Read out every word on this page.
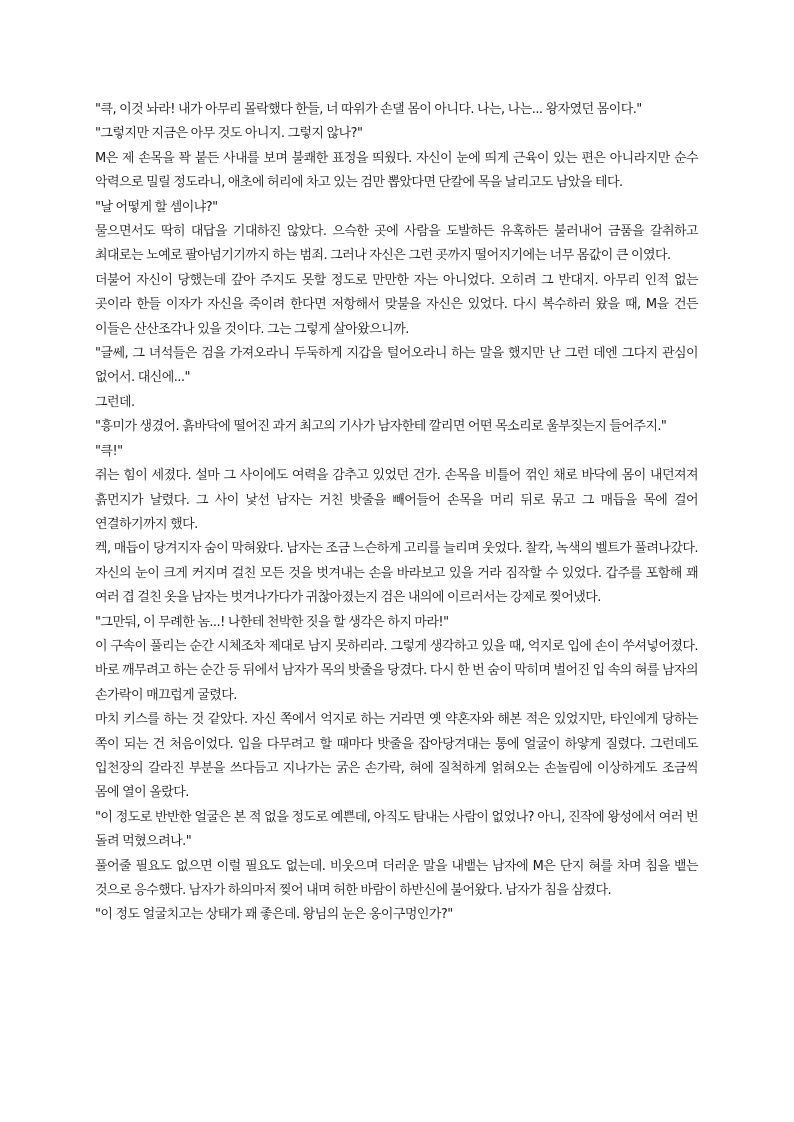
"큭, 이것 놔라! 내가 아무리 몰락했다 한들, 너 따위가 손댈 몸이 아니다. 나는, 나는... 왕자였던 몸이다."

"그렇지만 지금은 아무 것도 아니지. 그렇지 않나?"

M은 제 손목을 꽉 붙든 사내를 보며 불쾌한 표정을 띄웠다. 자신이 눈에 띄게 근육이 있는 편은 아니라지만 순수 악력으로 밀릴 정도라니, 애초에 허리에 차고 있는 검만 뽑았다면 단칼에 목을 날리고도 남았을 테다.

"날 어떻게 할 셈이냐?"

물으면서도 딱히 대답을 기대하진 않았다. 으슥한 곳에 사람을 도발하든 유혹하든 불러내어 금품을 갈취하고 최대로는 노예로 팔아넘기기까지 하는 범죄. 그러나 자신은 그런 곳까지 떨어지기에는 너무 몸값이 큰 이였다.

더불어 자신이 당했는데 갚아 주지도 못할 정도로 만만한 자는 아니었다. 오히려 그 반대지. 아무리 인적 없는 곳이라 한들 이자가 자신을 죽이려 한다면 저항해서 맞불을 자신은 있었다. 다시 복수하러 왔을 때, M을 건든 이들은 산산조각나 있을 것이다. 그는 그렇게 살아왔으니까.

"글쎄, 그 녀석들은 검을 가져오라니 두둑하게 지갑을 털어오라니 하는 말을 했지만 난 그런 데엔 그다지 관심이 없어서. 대신에..."

그런데.

"흥미가 생겼어. 흙바닥에 떨어진 과거 최고의 기사가 남자한테 깔리면 어떤 목소리로 울부짖는지 들어주지."

"큭!"

쥐는 힘이 세졌다. 설마 그 사이에도 여력을 감추고 있었던 건가. 손목을 비틀어 꺾인 채로 바닥에 몸이 내던져져 흙먼지가 날렸다. 그 사이 낯선 남자는 거친 밧줄을 빼어들어 손목을 머리 뒤로 묶고 그 매듭을 목에 걸어 연결하기까지 했다.

켁, 매듭이 당겨지자 숨이 막혀왔다. 남자는 조금 느슨하게 고리를 늘리며 웃었다. 찰칵, 녹색의 벨트가 풀려나갔다. 자신의 눈이 크게 커지며 걸친 모든 것을 벗겨내는 손을 바라보고 있을 거라 짐작할 수 있었다. 갑주를 포함해 꽤 여러 겹 걸친 옷을 남자는 벗겨나가다가 귀찮아졌는지 검은 내의에 이르러서는 강제로 찢어냈다.

"그만둬, 이 무례한 놈...! 나한테 천박한 짓을 할 생각은 하지 마라!"

이 구속이 풀리는 순간 시체조차 제대로 남지 못하리라. 그렇게 생각하고 있을 때, 억지로 입에 손이 쑤셔넣어졌다. 바로 깨무려고 하는 순간 등 뒤에서 남자가 목의 밧줄을 당겼다. 다시 한 번 숨이 막히며 벌어진 입 속의 혀를 남자의 손가락이 매끄럽게 굴렸다.

마치 키스를 하는 것 같았다. 자신 쪽에서 억지로 하는 거라면 옛 약혼자와 해본 적은 있었지만, 타인에게 당하는 쪽이 되는 건 처음이었다. 입을 다무려고 할 때마다 밧줄을 잡아당겨대는 통에 얼굴이 하얗게 질렸다. 그런데도 입천장의 갈라진 부분을 쓰다듬고 지나가는 굵은 손가락, 혀에 질척하게 얽혀오는 손놀림에 이상하게도 조금씩 몸에 열이 올랐다.

"이 정도로 반반한 얼굴은 본 적 없을 정도로 예쁜데, 아직도 탐내는 사람이 없었나? 아니, 진작에 왕성에서 여러 번 돌려 먹혔으려나."

풀어줄 필요도 없으면 이럴 필요도 없는데. 비웃으며 더러운 말을 내뱉는 남자에 M은 단지 혀를 차며 침을 뱉는 것으로 응수했다. 남자가 하의마저 찢어 내며 허한 바람이 하반신에 불어왔다. 남자가 침을 삼켰다.

"이 정도 얼굴치고는 상태가 꽤 좋은데. 왕님의 눈은 옹이구멍인가?"
